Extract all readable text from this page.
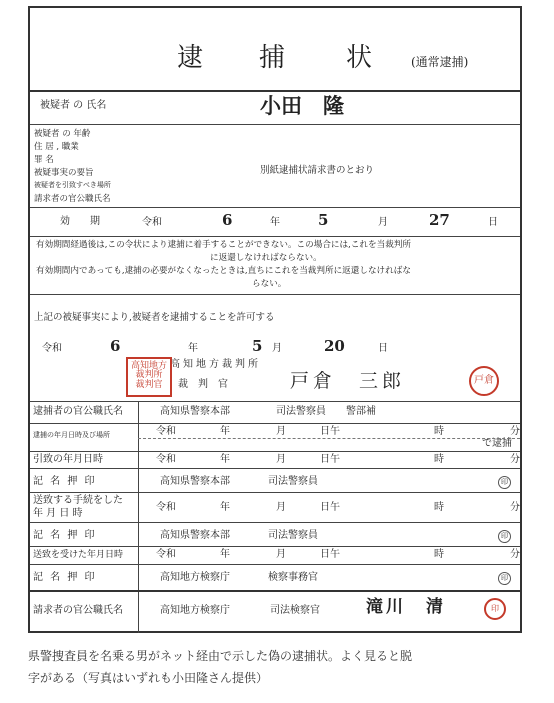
逮 捕 状	(通常逮捕)
被疑者 の 氏名	小田　隆
被疑者 の 年齢
住 居 , 職業
罪 名
被疑事実の要旨
被疑者を引致すべき場所
請求者の官公職氏名
別紙逮捕状請求書のとおり
効　　期	令和	6	年	5	月	27	日
有効期間経過後は,この令状により逮捕に着手することができない。この場合には,これを当裁判所
に返還しなければならない。
有効期間内であっても,逮捕の必要がなくなったときは,直ちにこれを当裁判所に返還しなければな
らない。
上記の被疑事実により,被疑者を逮捕することを許可する
令和	6	年	5 月	20	日
高知地方裁判所
裁　判　官	戸倉　三郎
高知地方
裁判所
裁判官	戸倉
逮捕者の官公職氏名	高知県警察本部	司法警察員 警部補
逮捕の年月日時及び場所	令和	年	月	日午	時	分
で逮捕
引致の年月日時	令和	年	月	日午	時	分
記 名 押 印	高知県警察本部	司法警察員	印
送致する手続をした
年 月 日 時
令和	年	月	日午	時	分
記 名 押 印	高知県警察本部	司法警察員	印
送致を受けた年月日時	令和	年	月	日午	時	分
記 名 押 印	高知地方検察庁	検察事務官	印
請求者の官公職氏名	高知地方検察庁	司法検察官	滝川　清	印
県警捜査員を名乗る男がネット経由で示した偽の逮捕状。よく見ると脱
字がある（写真はいずれも小田隆さん提供）
